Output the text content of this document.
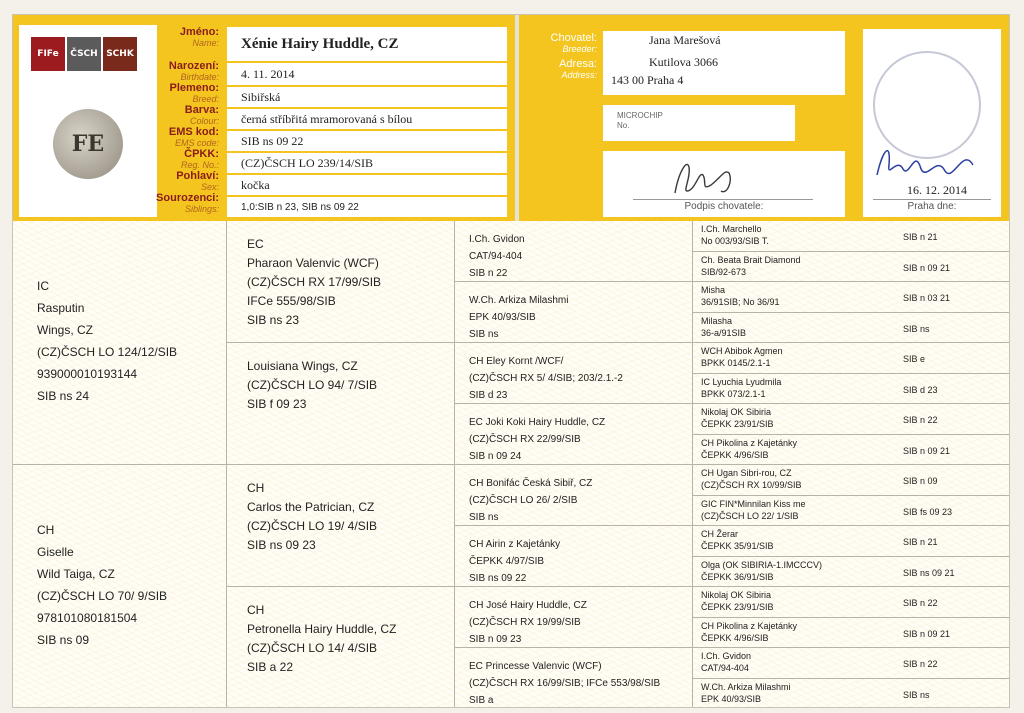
FIFe	ČSCH SCHK
FE
Jméno:
Name:	Xénie Hairy Huddle, CZ
Narození:
Birthdate:	4. 11. 2014
Plemeno:
Breed:	Sibiřská
Barva:
Colour:	černá stříbřitá mramorovaná s bílou
EMS kod:
EMS code:	SIB ns 09 22
ČPKK:
Reg. No.:	(CZ)ČSCH LO 239/14/SIB
Pohlaví:
Sex:	kočka
Sourozenci:
Siblings:	1,0:SIB n 23, SIB ns 09 22
Chovatel:
Breeder:
Jana Marešová
Kutilova 3066
143 00 Praha 4
Adresa:
Address:
MICROCHIP
No.
Podpis chovatele:
16. 12. 2014
Praha dne:
IC
Rasputin
Wings, CZ
(CZ)ČSCH LO 124/12/SIB
939000010193144
SIB ns 24
CH
Giselle
Wild Taiga, CZ
(CZ)ČSCH LO 70/ 9/SIB
978101080181504
SIB ns 09
EC
Pharaon Valenvic (WCF)
(CZ)ČSCH RX 17/99/SIB
IFCe 555/98/SIB
SIB ns 23
Louisiana Wings, CZ
(CZ)ČSCH LO 94/ 7/SIB
SIB f 09 23
CH
Carlos the Patrician, CZ
(CZ)ČSCH LO 19/ 4/SIB
SIB ns 09 23
CH
Petronella Hairy Huddle, CZ
(CZ)ČSCH LO 14/ 4/SIB
SIB a 22
I.Ch. Gvidon
CAT/94-404
SIB n 22
W.Ch. Arkiza Milashmi
EPK 40/93/SIB
SIB ns
CH Eley Kornt /WCF/
(CZ)ČSCH RX 5/ 4/SIB; 203/2.1.-2
SIB d 23
EC Joki Koki Hairy Huddle, CZ
(CZ)ČSCH RX 22/99/SIB
SIB n 09 24
CH Bonifác Česká Sibiř, CZ
(CZ)ČSCH LO 26/ 2/SIB
SIB ns
CH Airin z Kajetánky
ČEPKK 4/97/SIB
SIB ns 09 22
CH José Hairy Huddle, CZ
(CZ)ČSCH RX 19/99/SIB
SIB n 09 23
EC Princesse Valenvic (WCF)
(CZ)ČSCH RX 16/99/SIB; IFCe 553/98/SIB
SIB a
I.Ch. Marchello
No 003/93/SIB T.	SIB n 21
Ch. Beata Brait Diamond
SIB/92-673	SIB n 09 21
Misha
36/91SIB; No 36/91	SIB n 03 21
Milasha
36-a/91SIB	SIB ns
WCH Abibok Agmen
BPKK 0145/2.1-1	SIB e
IC Lyuchia Lyudmila
BPKK 073/2.1-1	SIB d 23
Nikolaj OK Sibiria
ČEPKK 23/91/SIB	SIB n 22
CH Pikolina z Kajetánky
ČEPKK 4/96/SIB	SIB n 09 21
CH Ugan Sibri-rou, CZ
(CZ)ČSCH RX 10/99/SIB	SIB n 09
GIC FIN*Minnilan Kiss me
(CZ)ČSCH LO 22/ 1/SIB	SIB fs 09 23
CH Žerar
ČEPKK 35/91/SIB	SIB n 21
Olga (OK SIBIRIA-1.IMCCCV)
ČEPKK 36/91/SIB	SIB ns 09 21
Nikolaj OK Sibiria
ČEPKK 23/91/SIB	SIB n 22
CH Pikolina z Kajetánky
ČEPKK 4/96/SIB	SIB n 09 21
I.Ch. Gvidon
CAT/94-404	SIB n 22
W.Ch. Arkiza Milashmi
EPK 40/93/SIB	SIB ns
